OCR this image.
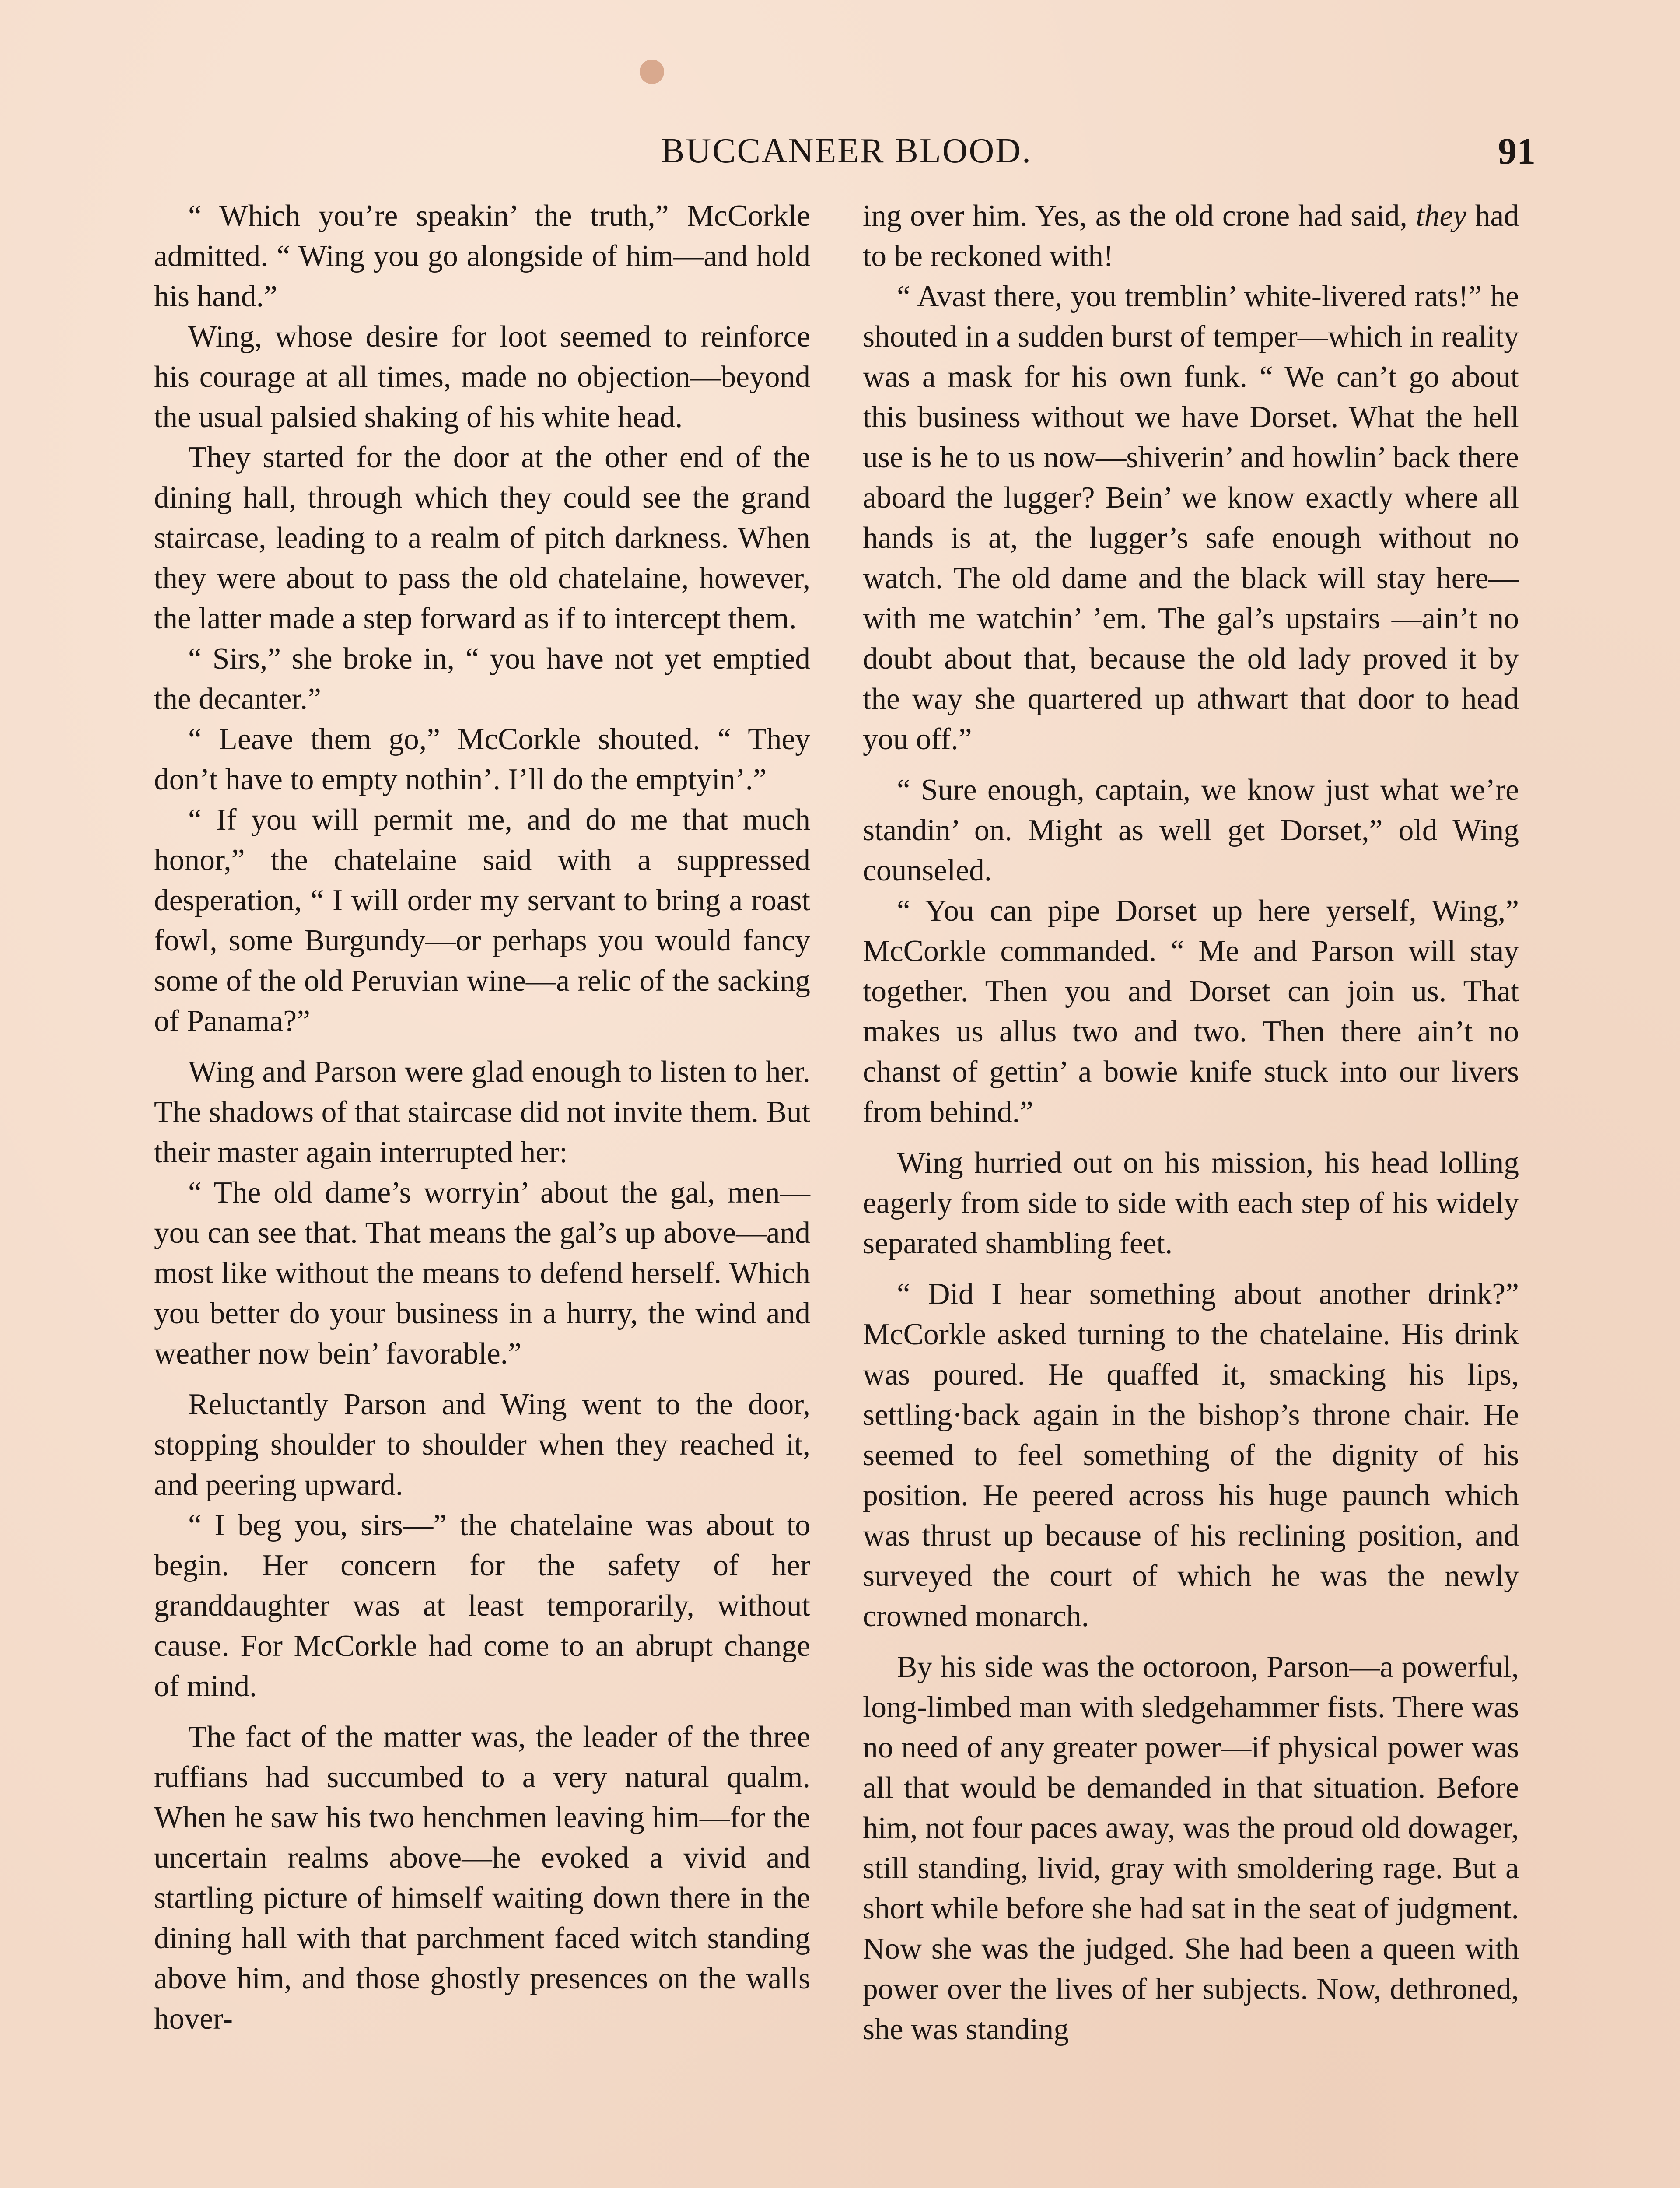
BUCCANEER BLOOD.	91

“ Which you’re speakin’ the truth,” McCorkle admitted. “ Wing you go alongside of him—and hold his hand.”

Wing, whose desire for loot seemed to reinforce his courage at all times, made no objection—beyond the usual palsied shaking of his white head.

They started for the door at the other end of the dining hall, through which they could see the grand staircase, leading to a realm of pitch darkness. When they were about to pass the old chatelaine, however, the latter made a step forward as if to intercept them.

“ Sirs,” she broke in, “ you have not yet emptied the decanter.”

“ Leave them go,” McCorkle shouted. “ They don’t have to empty nothin’. I’ll do the emptyin’.”

“ If you will permit me, and do me that much honor,” the chatelaine said with a suppressed desperation, “ I will order my servant to bring a roast fowl, some Burgundy—or perhaps you would fancy some of the old Peruvian wine—a relic of the sacking of Panama?”

Wing and Parson were glad enough to listen to her. The shadows of that staircase did not invite them. But their master again interrupted her:

“ The old dame’s worryin’ about the gal, men—you can see that. That means the gal’s up above—and most like without the means to defend herself. Which you better do your business in a hurry, the wind and weather now bein’ favorable.”

Reluctantly Parson and Wing went to the door, stopping shoulder to shoulder when they reached it, and peering upward.

“ I beg you, sirs—” the chatelaine was about to begin. Her concern for the safety of her granddaughter was at least temporarily, without cause. For McCorkle had come to an abrupt change of mind.

The fact of the matter was, the leader of the three ruffians had succumbed to a very natural qualm. When he saw his two henchmen leaving him—for the uncertain realms above—he evoked a vivid and startling picture of himself waiting down there in the dining hall with that parchment faced witch standing above him, and those ghostly presences on the walls hover-

ing over him. Yes, as the old crone had said, they had to be reckoned with!

“ Avast there, you tremblin’ white-livered rats!” he shouted in a sudden burst of temper—which in reality was a mask for his own funk. “ We can’t go about this business without we have Dorset. What the hell use is he to us now—shiverin’ and howlin’ back there aboard the lugger? Bein’ we know exactly where all hands is at, the lugger’s safe enough without no watch. The old dame and the black will stay here—with me watchin’ ’em. The gal’s upstairs —ain’t no doubt about that, because the old lady proved it by the way she quartered up athwart that door to head you off.”

“ Sure enough, captain, we know just what we’re standin’ on. Might as well get Dorset,” old Wing counseled.

“ You can pipe Dorset up here yerself, Wing,” McCorkle commanded. “ Me and Parson will stay together. Then you and Dorset can join us. That makes us allus two and two. Then there ain’t no chanst of gettin’ a bowie knife stuck into our livers from behind.”

Wing hurried out on his mission, his head lolling eagerly from side to side with each step of his widely separated shambling feet.

“ Did I hear something about another drink?” McCorkle asked turning to the chatelaine. His drink was poured. He quaffed it, smacking his lips, settling·back again in the bishop’s throne chair. He seemed to feel something of the dignity of his position. He peered across his huge paunch which was thrust up because of his reclining position, and surveyed the court of which he was the newly crowned monarch.

By his side was the octoroon, Parson—a powerful, long-limbed man with sledgehammer fists. There was no need of any greater power—if physical power was all that would be demanded in that situation. Before him, not four paces away, was the proud old dowager, still standing, livid, gray with smoldering rage. But a short while before she had sat in the seat of judgment. Now she was the judged. She had been a queen with power over the lives of her subjects. Now, dethroned, she was standing
